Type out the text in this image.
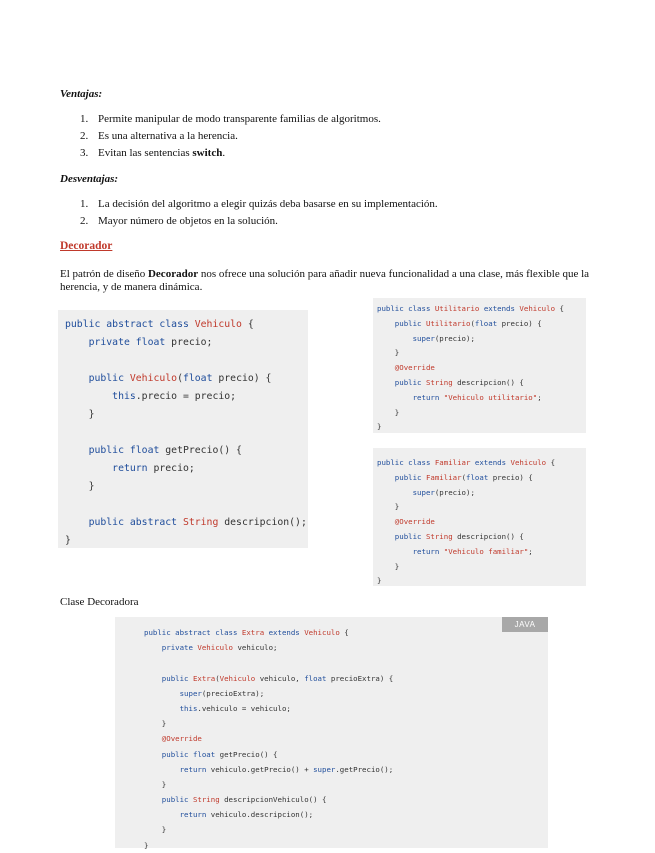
Ventajas:
1. Permite manipular de modo transparente familias de algoritmos.
2. Es una alternativa a la herencia.
3. Evitan las sentencias switch.
Desventajas:
1. La decisión del algoritmo a elegir quizás deba basarse en su implementación.
2. Mayor número de objetos en la solución.
Decorador
El patrón de diseño Decorador nos ofrece una solución para añadir nueva funcionalidad a una clase, más flexible que la herencia, y de manera dinámica.
public abstract class Vehiculo {
private float precio;
public Vehiculo(float precio) {
this.precio = precio;
}
public float getPrecio() {
return precio;
}
public abstract String descripcion();
}
public class Utilitario extends Vehiculo {
public Utilitario(float precio) {
super(precio);
}
@Override
public String descripcion() {
return "Vehiculo utilitario";
}
}
public class Familiar extends Vehiculo {
public Familiar(float precio) {
super(precio);
}
@Override
public String descripcion() {
return "Vehiculo familiar";
}
}
Clase Decoradora
public abstract class Extra extends Vehiculo {
private Vehiculo vehiculo;
public Extra(Vehiculo vehiculo, float precioExtra) {
super(precioExtra);
this.vehiculo = vehiculo;
}
@Override
public float getPrecio() {
return vehiculo.getPrecio() + super.getPrecio();
}
public String descripcionVehiculo() {
return vehiculo.descripcion();
}
}
JAVA
